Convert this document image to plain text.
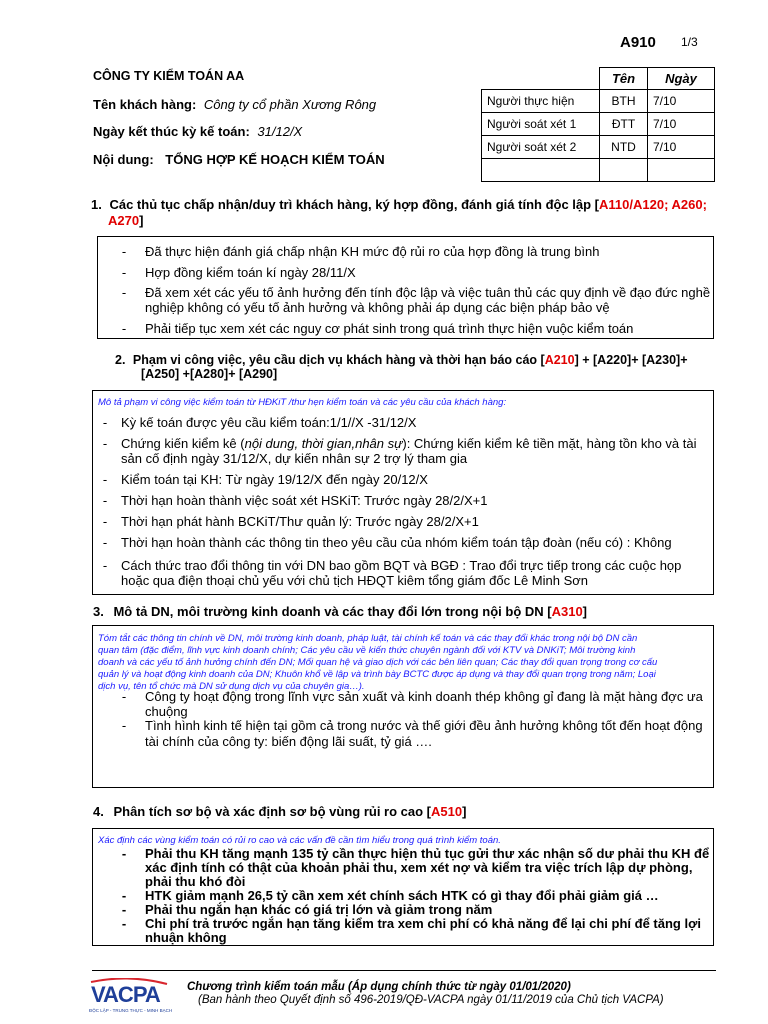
A910 1/3
CÔNG TY KIỂM TOÁN AA
Tên khách hàng: Công ty cổ phần Xương Rông
Ngày kết thúc kỳ kế toán: 31/12/X
Nội dung: TỔNG HỢP KẾ HOẠCH KIỂM TOÁN
	Tên	Ngày
Người thực hiện	BTH	7/10
Người soát xét 1	ĐTT	7/10
Người soát xét 2	NTD	7/10

1. Các thủ tục chấp nhận/duy trì khách hàng, ký hợp đồng, đánh giá tính độc lập [A110/A120; A260;
A270]
-	Đã thực hiện đánh giá chấp nhận KH mức độ rủi ro của hợp đồng là trung bình
-	Hợp đồng kiểm toán kí ngày 28/11/X
-	Đã xem xét các yếu tố ảnh hưởng đến tính độc lập và việc tuân thủ các quy định về đạo đức nghề
nghiệp không có yếu tố ảnh hưởng và không phải áp dụng các biện pháp bảo vệ
-	Phải tiếp tục xem xét các nguy cơ phát sinh trong quá trình thực hiện vuộc kiểm toán
2. Phạm vi công việc, yêu cầu dịch vụ khách hàng và thời hạn báo cáo [A210] + [A220]+ [A230]+
[A250] +[A280]+ [A290]
Mô tả phạm vi công việc kiểm toán từ HĐKiT /thư hẹn kiểm toán và các yêu cầu của khách hàng:
-	Kỳ kế toán được yêu cầu kiểm toán:1/1//X -31/12/X
-	Chứng kiến kiểm kê (nội dung, thời gian,nhân sự): Chứng kiến kiểm kê tiền mặt, hàng tồn kho và tài
sản cố định ngày 31/12/X, dự kiến nhân sự 2 trợ lý tham gia
-	Kiểm toán tại KH: Từ ngày 19/12/X đến ngày 20/12/X
-	Thời hạn hoàn thành việc soát xét HSKiT: Trước ngày 28/2/X+1
-	Thời hạn phát hành BCKiT/Thư quản lý: Trước ngày 28/2/X+1
-	Thời hạn hoàn thành các thông tin theo yêu cầu của nhóm kiểm toán tập đoàn (nếu có) : Không
-	Cách thức trao đổi thông tin với DN bao gồm BQT và BGĐ : Trao đổi trực tiếp trong các cuộc họp
hoặc qua điện thoại chủ yếu với chủ tịch HĐQT kiêm tổng giám đốc Lê Minh Sơn
3. Mô tả DN, môi trường kinh doanh và các thay đổi lớn trong nội bộ DN [A310]
Tóm tắt các thông tin chính về DN, môi trường kinh doanh, pháp luật, tài chính kế toán và các thay đổi khác trong nội bộ DN cần
quan tâm (đặc điểm, lĩnh vực kinh doanh chính; Các yêu cầu về kiến thức chuyên ngành đối với KTV và DNKiT; Môi trường kinh
doanh và các yếu tố ảnh hưởng chính đến DN; Mối quan hệ và giao dịch với các bên liên quan; Các thay đổi quan trọng trong cơ cấu
quản lý và hoạt động kinh doanh của DN; Khuôn khổ về lập và trình bày BCTC được áp dụng và thay đổi quan trọng trong năm; Loại
dịch vụ, tên tổ chức mà DN sử dụng dịch vụ của chuyên gia…).
-	Công ty hoạt động trong lĩnh vực sản xuất và kinh doanh thép không gỉ đang là mặt hàng đợc ưa
chuộng
-	Tình hình kinh tế hiện tại gồm cả trong nước và thế giới đều ảnh hưởng không tốt đến hoạt động
tài chính của công ty: biến động lãi suất, tỷ giá ….
4. Phân tích sơ bộ và xác định sơ bộ vùng rủi ro cao [A510]
Xác định các vùng kiểm toán có rủi ro cao và các vấn đề cần tìm hiểu trong quá trình kiểm toán.
-	Phải thu KH tăng mạnh 135 tỷ cần thực hiện thủ tục gửi thư xác nhận số dư phải thu KH để
xác định tính có thật của khoản phải thu, xem xét nợ và kiểm tra việc trích lập dự phòng,
phải thu khó đòi
-	HTK giảm mạnh 26,5 tỷ cần xem xét chính sách HTK có gì thay đổi phải giảm giá …
-	Phải thu ngắn hạn khác có giá trị lớn và giảm trong năm
-	Chi phí trả trước ngắn hạn tăng kiểm tra xem chi phí có khả năng để lại chi phí để tăng lợi
nhuận không
VACPA
ĐỘC LẬP - TRUNG THỰC - MINH BẠCH
Chương trình kiểm toán mẫu (Áp dụng chính thức từ ngày 01/01/2020)
(Ban hành theo Quyết định số 496-2019/QĐ-VACPA ngày 01/11/2019 của Chủ tịch VACPA)
